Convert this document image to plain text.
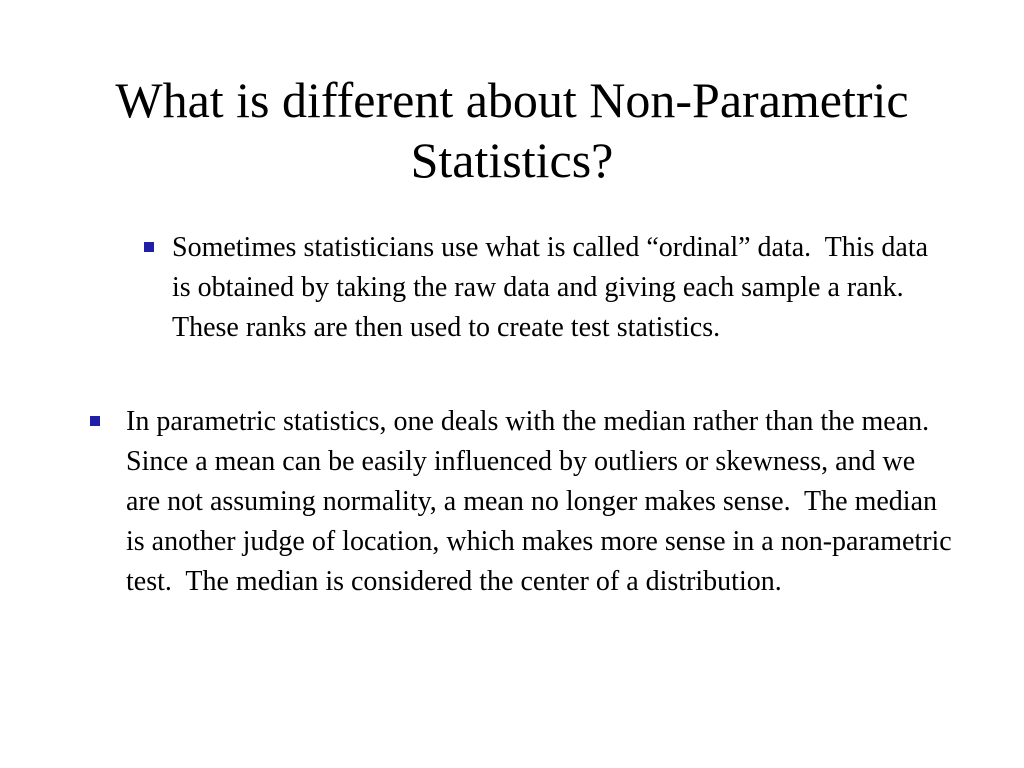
What is different about Non-Parametric Statistics?
Sometimes statisticians use what is called “ordinal” data.  This data is obtained by taking the raw data and giving each sample a rank.  These ranks are then used to create test statistics.
In parametric statistics, one deals with the median rather than the mean.  Since a mean can be easily influenced by outliers or skewness, and we are not assuming normality, a mean no longer makes sense.  The median is another judge of location, which makes more sense in a non-parametric test.  The median is considered the center of a distribution.
